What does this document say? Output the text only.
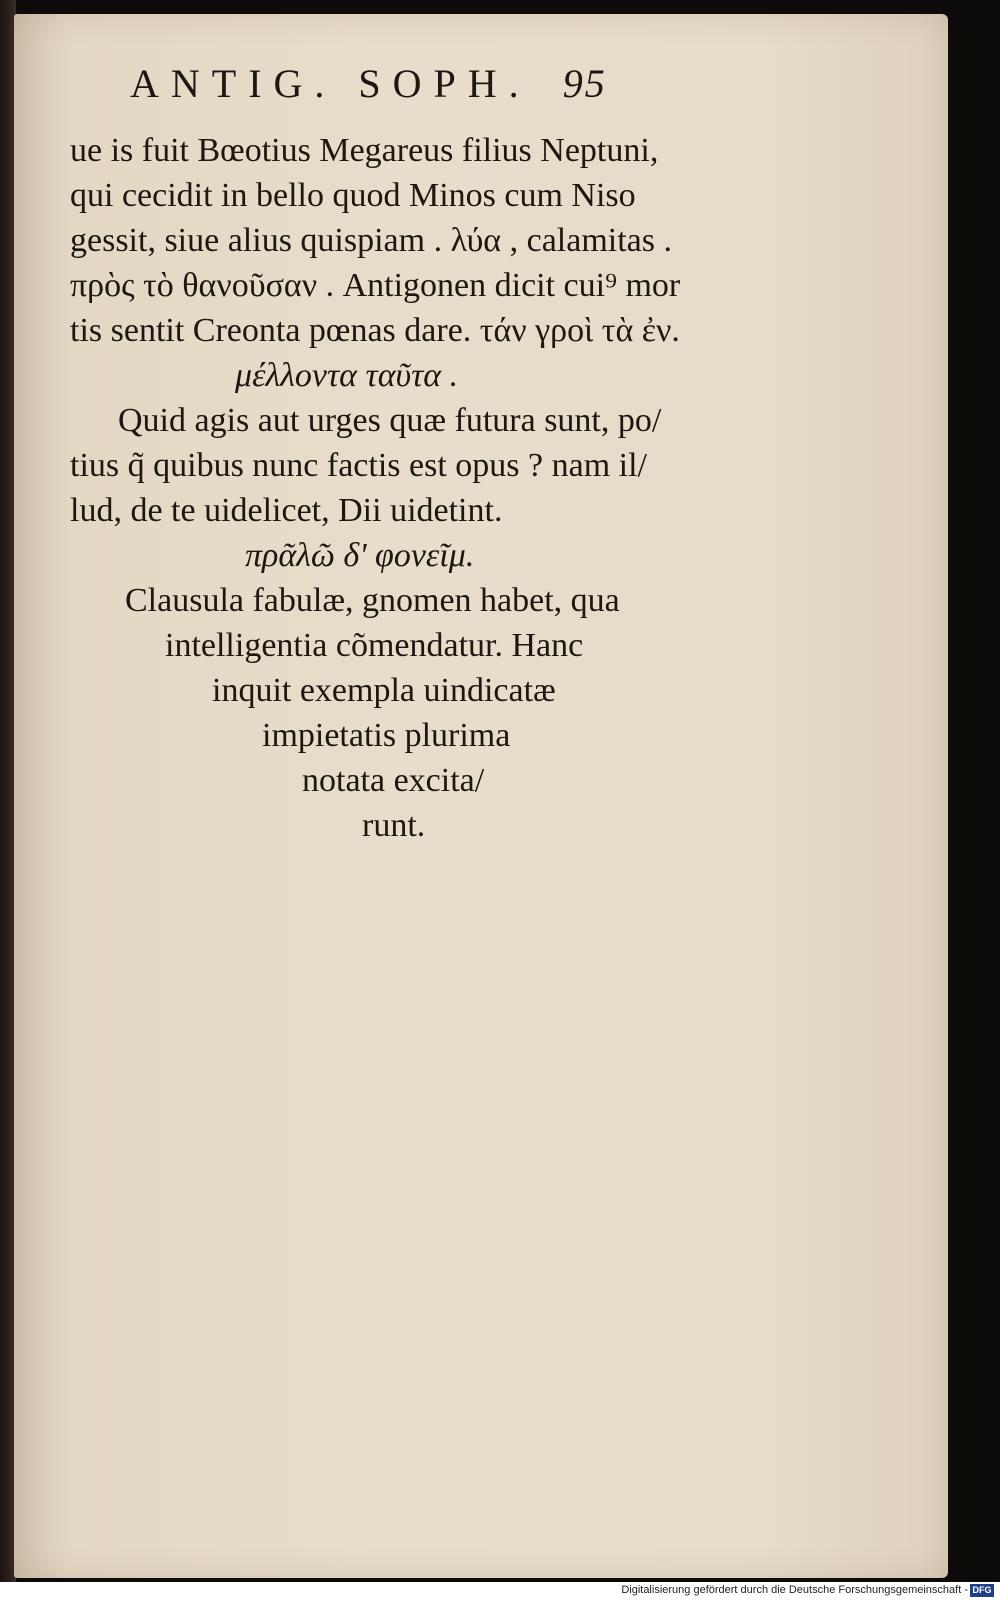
ANTIG. SOPH. 95
ue is fuit Bœotius Megareus filius Neptuni,
qui cecidit in bello quod Minos cum Niso
gessit, siue alius quispiam . λύα , calamitas .
πρὸς τὸ θανοῦσαν . Antigonen dicit cui⁹ mor
tis sentit Creonta pœnas dare. τάν γροὶ τὰ ἐν.
μέλλοντα ταῦτα .
Quid agis aut urges quæ futura sunt, po/
tius q̃ quibus nunc factis est opus ? nam il/
lud, de te uidelicet, Dii uidetint.
πρᾶλῶ δ' φονεῖμ.
Clausula fabulæ, gnomen habet, qua
intelligentia cõmendatur. Hanc
inquit exempla uindicatæ
impietatis plurima
notata excita/
runt.
Digitalisierung gefördert durch die Deutsche Forschungsgemeinschaft - DFG
